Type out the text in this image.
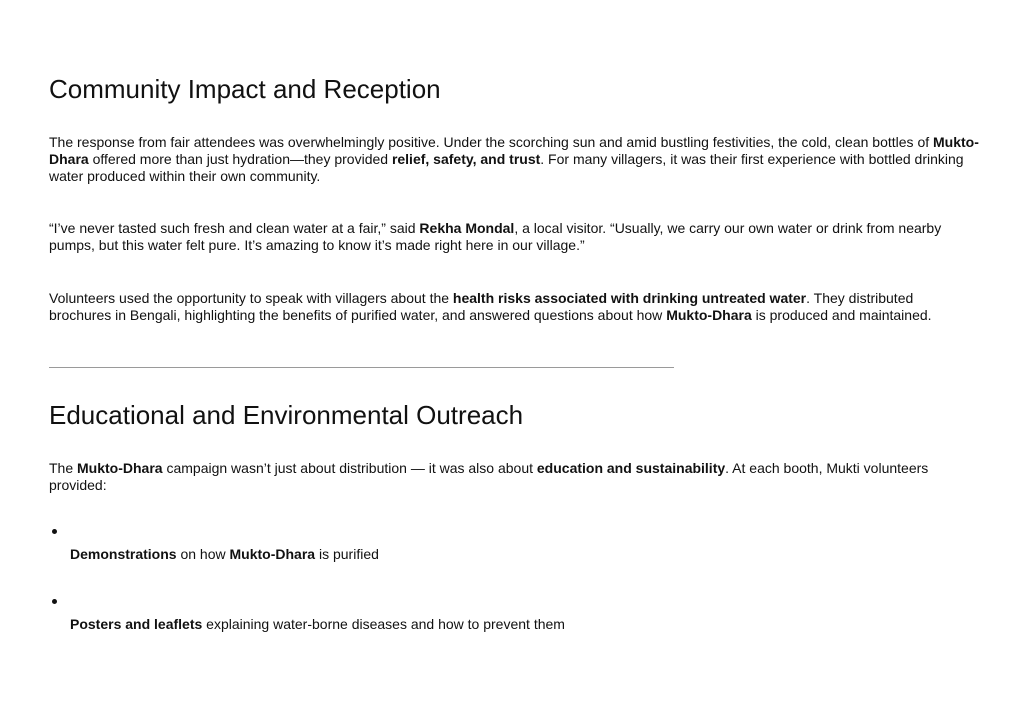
Community Impact and Reception

The response from fair attendees was overwhelmingly positive. Under the scorching sun and amid bustling festivities, the cold, clean bottles of Mukto-Dhara offered more than just hydration—they provided relief, safety, and trust. For many villagers, it was their first experience with bottled drinking water produced within their own community.

“I’ve never tasted such fresh and clean water at a fair,” said Rekha Mondal, a local visitor. “Usually, we carry our own water or drink from nearby pumps, but this water felt pure. It’s amazing to know it’s made right here in our village.”

Volunteers used the opportunity to speak with villagers about the health risks associated with drinking untreated water. They distributed brochures in Bengali, highlighting the benefits of purified water, and answered questions about how Mukto-Dhara is produced and maintained.

Educational and Environmental Outreach

The Mukto-Dhara campaign wasn’t just about distribution — it was also about education and sustainability. At each booth, Mukti volunteers provided:

Demonstrations on how Mukto-Dhara is purified
Posters and leaflets explaining water-borne diseases and how to prevent them
